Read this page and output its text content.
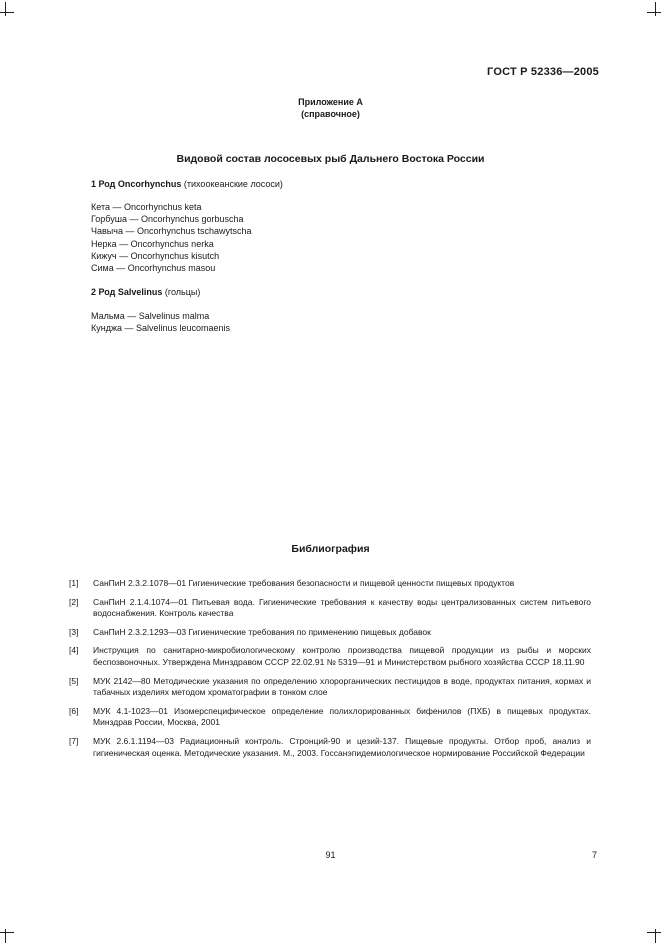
ГОСТ Р 52336—2005
Приложение А
(справочное)
Видовой состав лососевых рыб Дальнего Востока России
1 Род Oncorhynchus (тихоокеанские лососи)
Кета — Oncorhynchus keta
Горбуша — Oncorhynchus gorbuscha
Чавыча — Oncorhynchus tschawytscha
Нерка — Oncorhynchus nerka
Кижуч — Oncorhynchus kisutch
Сима — Oncorhynchus masou
2 Род Salvelinus (гольцы)
Мальма — Salvelinus malma
Кунджа — Salvelinus leucomaenis
Библиография
[1]	СанПиН 2.3.2.1078—01 Гигиенические требования безопасности и пищевой ценности пищевых продуктов
[2]	СанПиН 2.1.4.1074—01 Питьевая вода. Гигиенические требования к качеству воды централизованных систем питьевого водоснабжения. Контроль качества
[3]	СанПиН 2.3.2.1293—03 Гигиенические требования по применению пищевых добавок
[4]	Инструкция по санитарно-микробиологическому контролю производства пищевой продукции из рыбы и морских беспозвоночных. Утверждена Минздравом СССР 22.02.91 № 5319—91 и Министерством рыбного хозяйства СССР 18.11.90
[5]	МУК 2142—80 Методические указания по определению хлорорганических пестицидов в воде, продуктах питания, кормах и табачных изделиях методом хроматографии в тонком слое
[6]	МУК 4.1-1023—01 Изомерспецифическое определение полихлорированных бифенилов (ПХБ) в пищевых продуктах. Минздрав России, Москва, 2001
[7]	МУК 2.6.1.1194—03 Радиационный контроль. Стронций-90 и цезий-137. Пищевые продукты. Отбор проб, анализ и гигиеническая оценка. Методические указания. М., 2003. Госсанэпидемиологическое нормирование Российской Федерации
91	7
